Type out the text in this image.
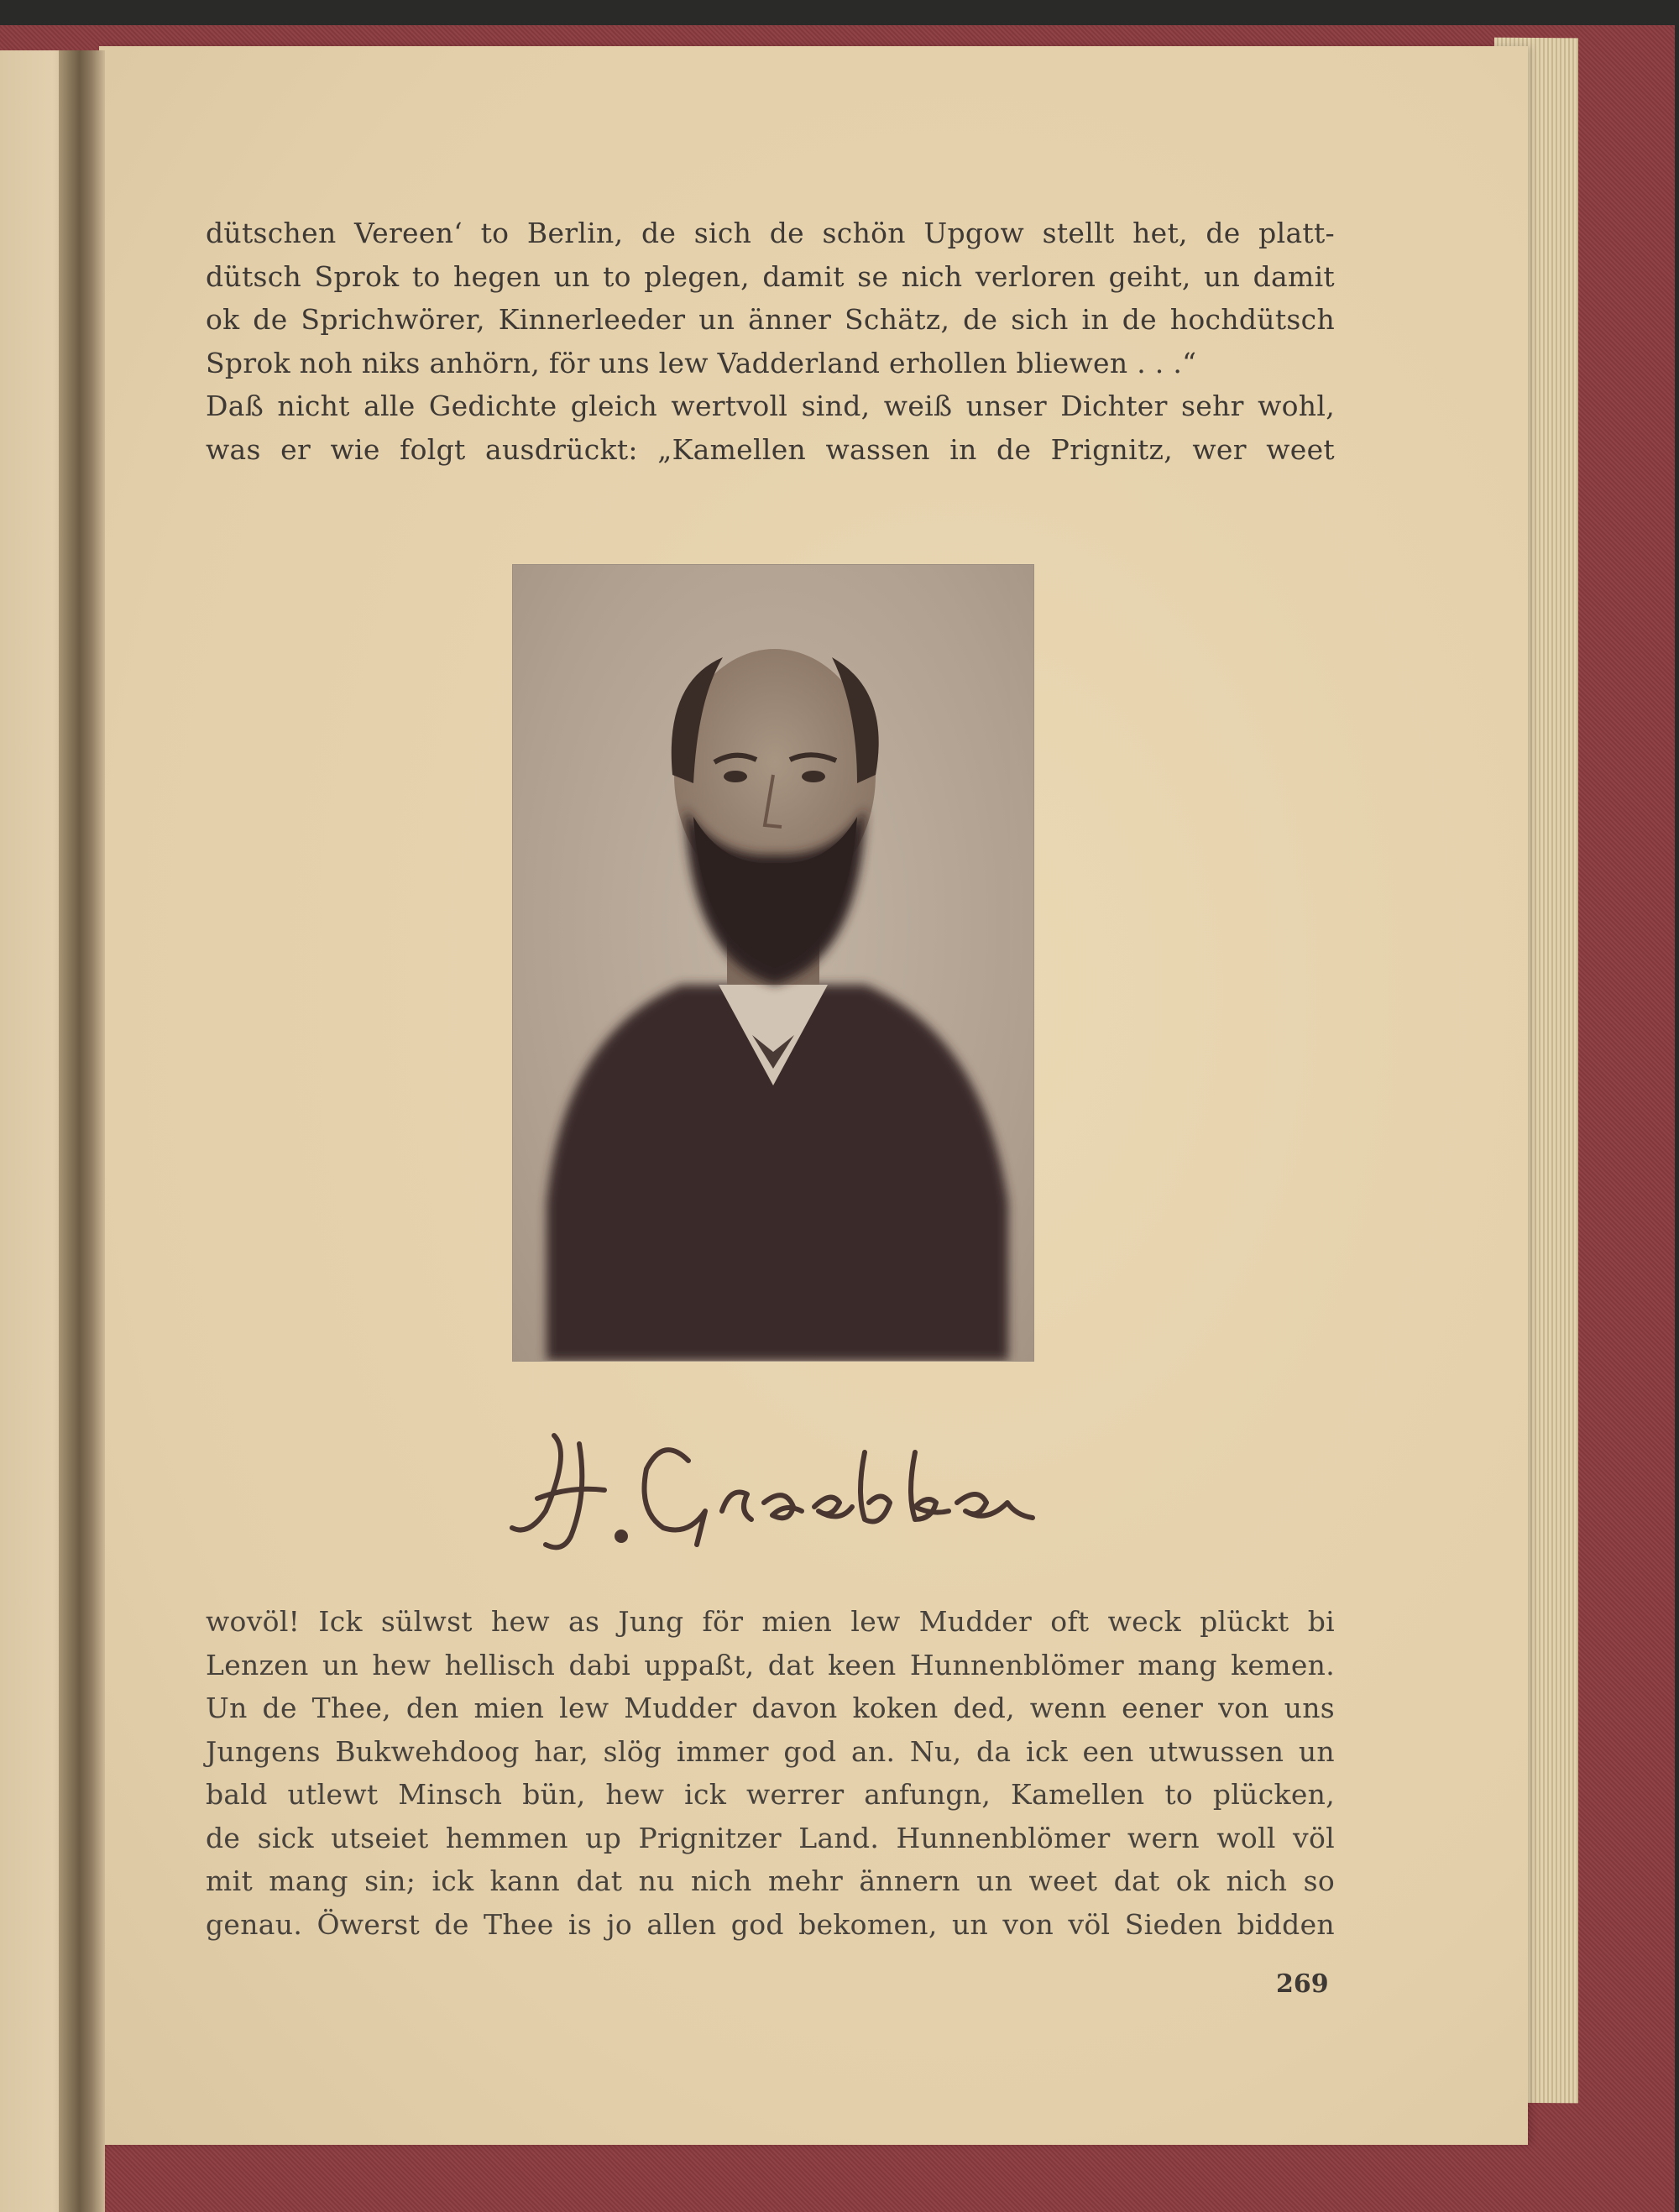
dütschen Vereen‘ to Berlin, de sich de schön Upgow stellt het, de platt-
dütsch Sprok to hegen un to plegen, damit se nich verloren geiht, un damit
ok de Sprichwörer, Kinnerleeder un änner Schätz, de sich in de hochdütsch
Sprok noh niks anhörn, för uns lew Vadderland erhollen bliewen . . .“
Daß nicht alle Gedichte gleich wertvoll sind, weiß unser Dichter sehr wohl,
was er wie folgt ausdrückt: „Kamellen wassen in de Prignitz, wer weet
wovöl! Ick sülwst hew as Jung för mien lew Mudder oft weck plückt bi
Lenzen un hew hellisch dabi uppaßt, dat keen Hunnenblömer mang kemen.
Un de Thee, den mien lew Mudder davon koken ded, wenn eener von uns
Jungens Bukwehdoog har, slög immer god an. Nu, da ick een utwussen un
bald utlewt Minsch bün, hew ick werrer anfungn, Kamellen to plücken,
de sick utseiet hemmen up Prignitzer Land. Hunnenblömer wern woll völ
mit mang sin; ick kann dat nu nich mehr ännern un weet dat ok nich so
genau. Öwerst de Thee is jo allen god bekomen, un von völ Sieden bidden
269
